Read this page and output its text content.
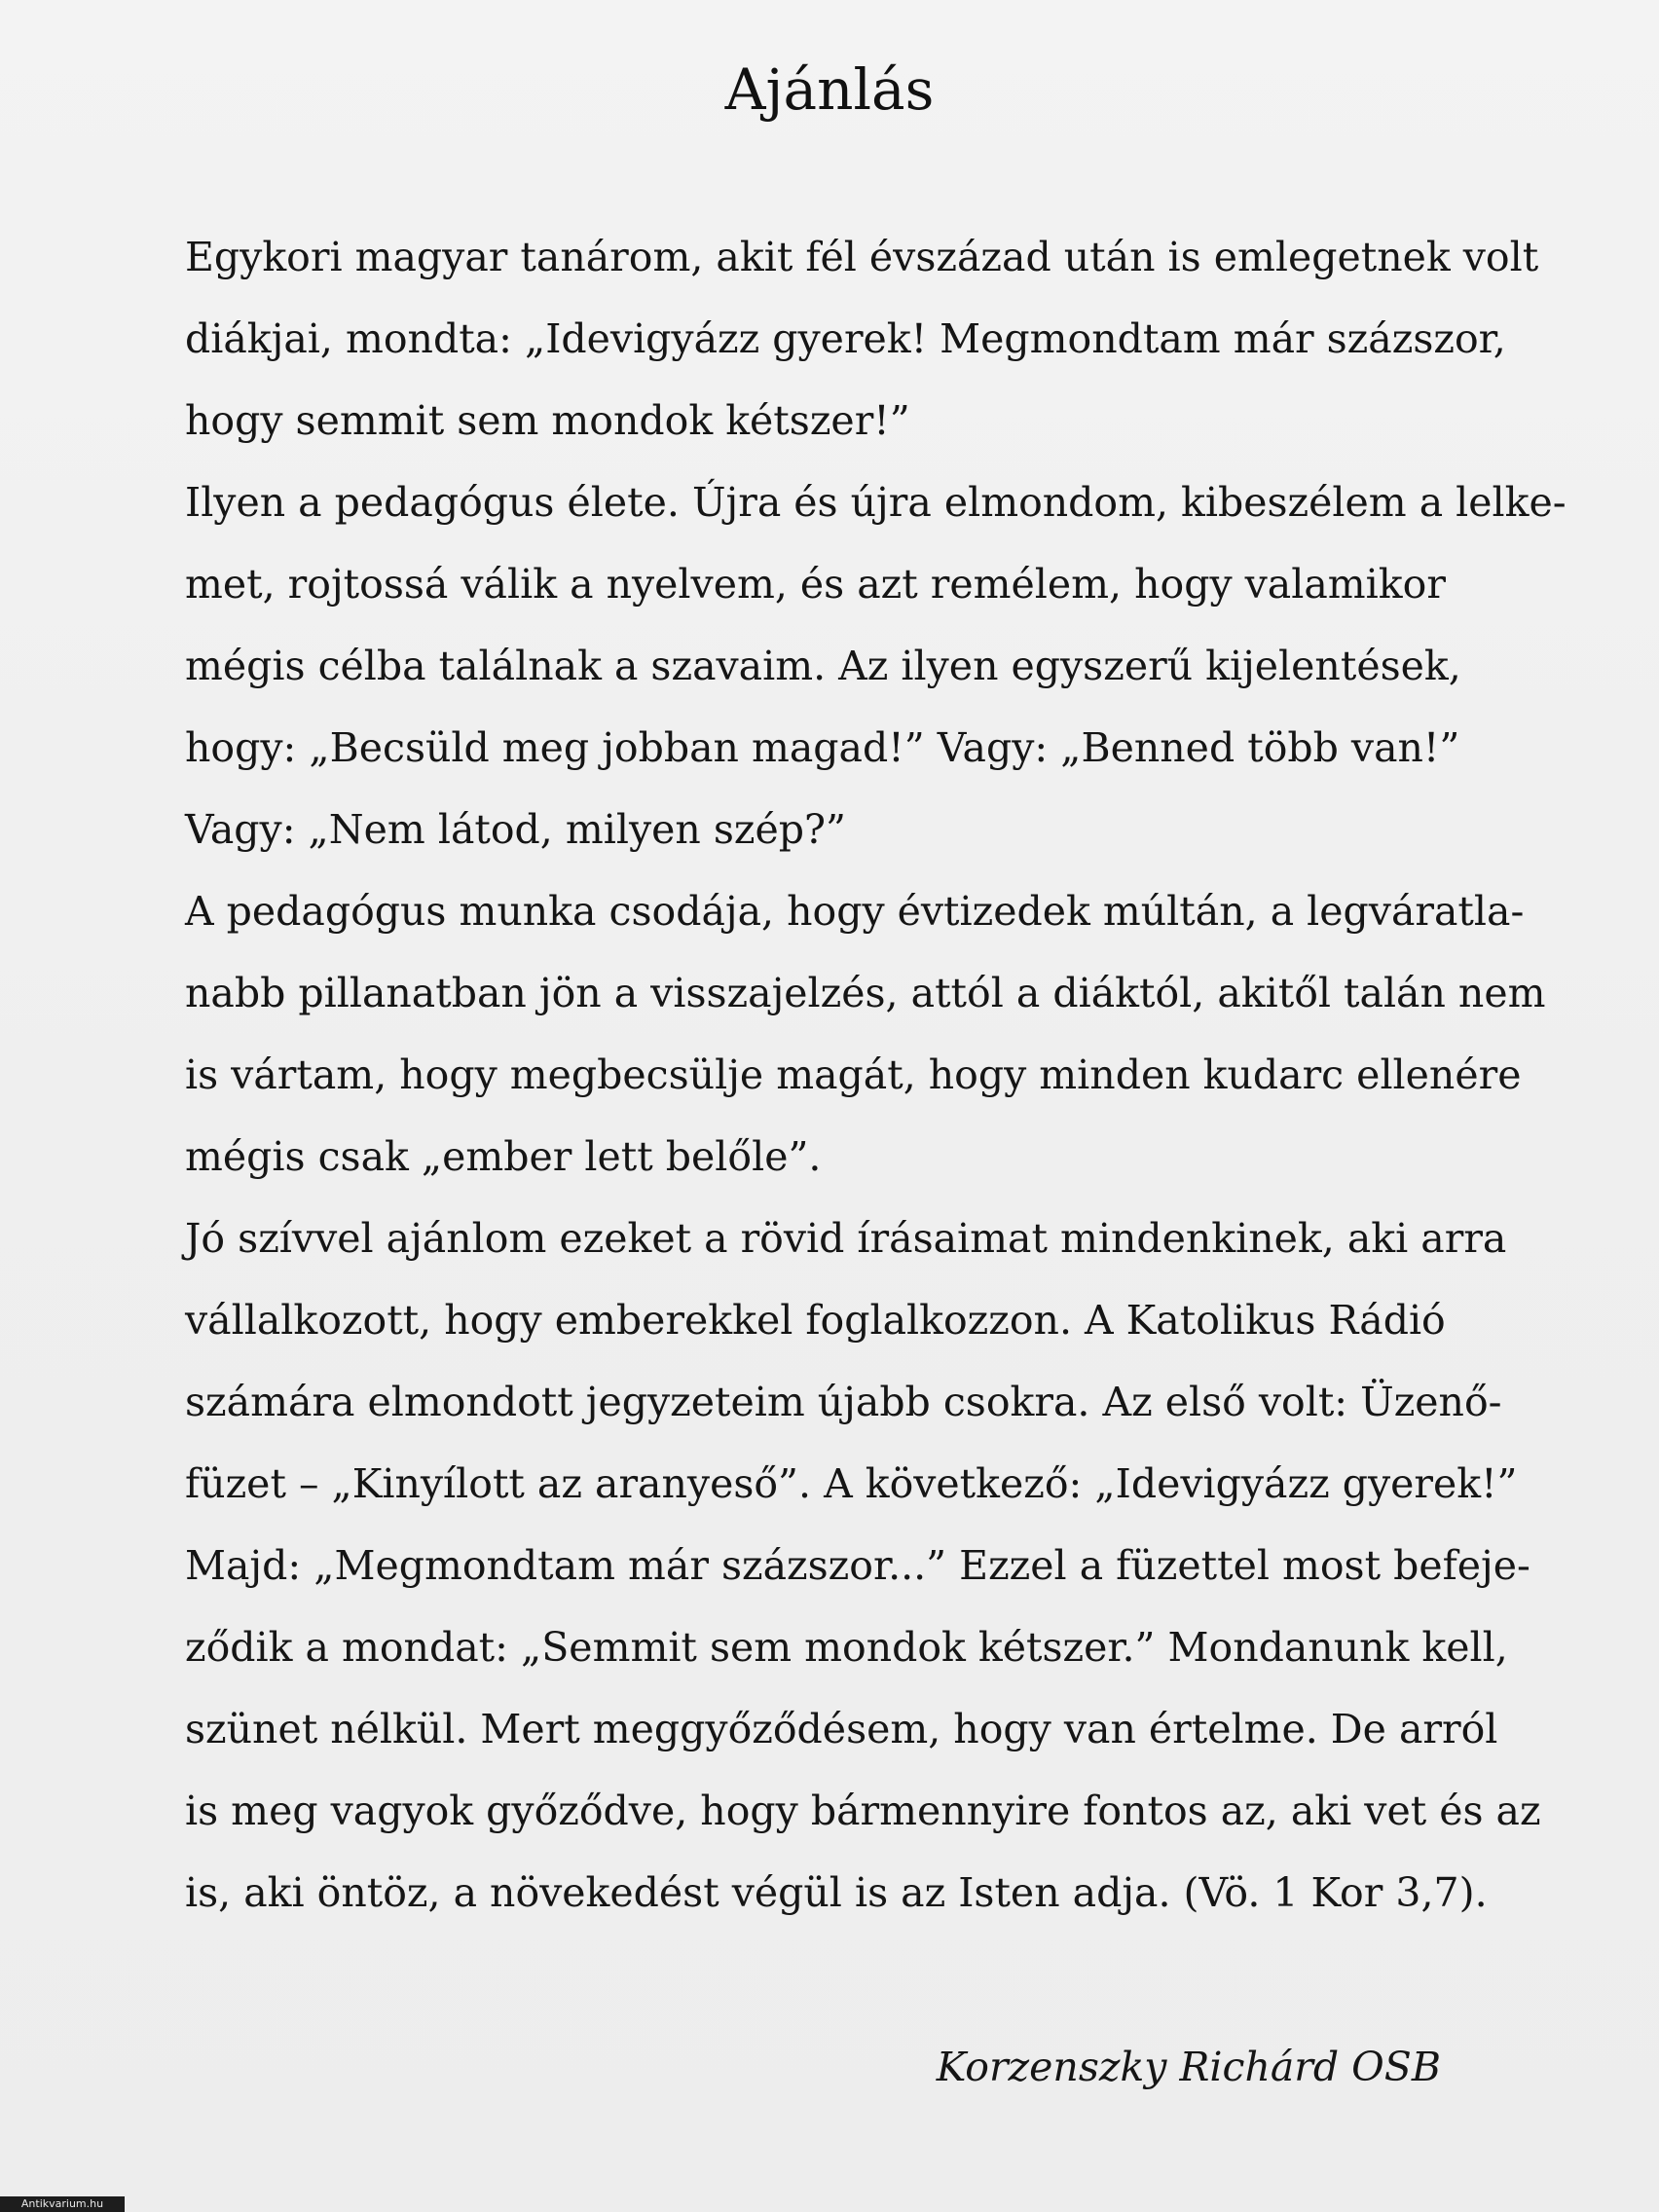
Ajánlás
Egykori magyar tanárom, akit fél évszázad után is emlegetnek volt
diákjai, mondta: „Idevigyázz gyerek! Megmondtam már százszor,
hogy semmit sem mondok kétszer!”
Ilyen a pedagógus élete. Újra és újra elmondom, kibeszélem a lelke-
met, rojtossá válik a nyelvem, és azt remélem, hogy valamikor
mégis célba találnak a szavaim. Az ilyen egyszerű kijelentések,
hogy: „Becsüld meg jobban magad!” Vagy: „Benned több van!”
Vagy: „Nem látod, milyen szép?”
A pedagógus munka csodája, hogy évtizedek múltán, a legváratla-
nabb pillanatban jön a visszajelzés, attól a diáktól, akitől talán nem
is vártam, hogy megbecsülje magát, hogy minden kudarc ellenére
mégis csak „ember lett belőle”.
Jó szívvel ajánlom ezeket a rövid írásaimat mindenkinek, aki arra
vállalkozott, hogy emberekkel foglalkozzon. A Katolikus Rádió
számára elmondott jegyzeteim újabb csokra. Az első volt: Üzenő-
füzet – „Kinyílott az aranyeső”. A következő: „Idevigyázz gyerek!”
Majd: „Megmondtam már százszor...” Ezzel a füzettel most befeje-
ződik a mondat: „Semmit sem mondok kétszer.” Mondanunk kell,
szünet nélkül. Mert meggyőződésem, hogy van értelme. De arról
is meg vagyok győződve, hogy bármennyire fontos az, aki vet és az
is, aki öntöz, a növekedést végül is az Isten adja. (Vö. 1 Kor 3,7).
Korzenszky Richárd OSB
Antikvarium.hu
